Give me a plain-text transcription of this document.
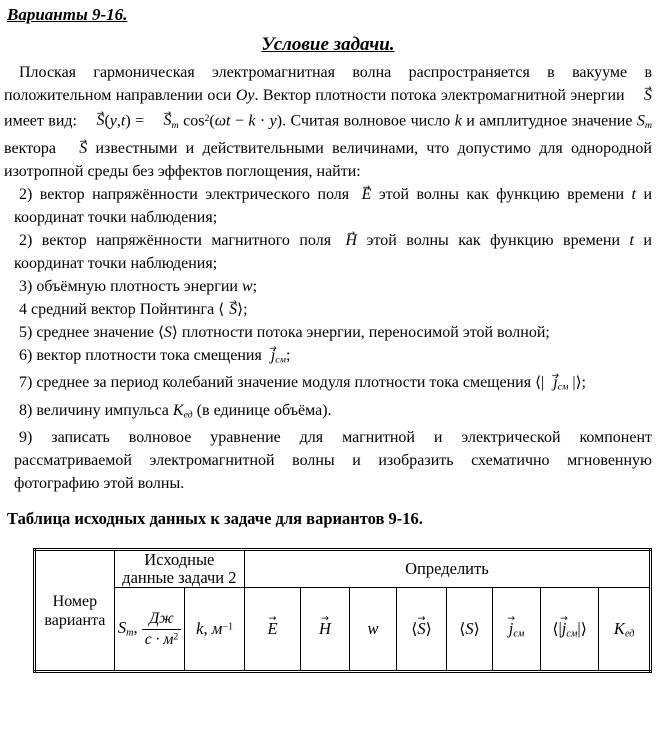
Варианты 9-16.
Условие задачи.

Плоская гармоническая электромагнитная волна распространяется в вакууме в положительном направлении оси Oy. Вектор плотности потока электромагнитной энергии S → имеет вид: $S \to(y,t) = S \to_m$ $\cos^2(\omega t - k \cdot y)$. Считая волновое число k и амплитудное значение $S_m$ вектора S → известными и действительными величинами, что допустимо для однородной изотропной среды без эффектов поглощения, найти:

2) вектор напряжённости электрического поля E → этой волны как функцию времени t и координат точки наблюдения;

2) вектор напряжённости магнитного поля H → этой волны как функцию времени t и координат точки наблюдения;

3) объёмную плотность энергии w;

4 средний вектор Пойнтинга ⟨ S →⟩;

5) среднее значение ⟨S⟩ плотности потока энергии, переносимой этой волной;

6) вектор плотности тока смещения $j \to_{см}$;

7) среднее за период колебаний значение модуля плотности тока смещения ⟨| $j \to_{см}$ |⟩;

8) величину импульса $K_{ед}$ (в единице объёма).

9) записать волновое уравнение для магнитной и электрической компонент рассматриваемой электромагнитной волны и изобразить схематично мгновенную фотографию этой волны.

Таблица исходных данных к задаче для вариантов 9-16.
Номер варианта	Исходные
данные задачи 2		Определить							
	$S_m$, $\frac{Дж}{с \cdot м^2}$	k, $м^{-1}$	E →	H →	w	⟨S →⟩	⟨S⟩	$j \to_{см}$	⟨|j $\to_{см}|⟩$	$K_{ед}$
